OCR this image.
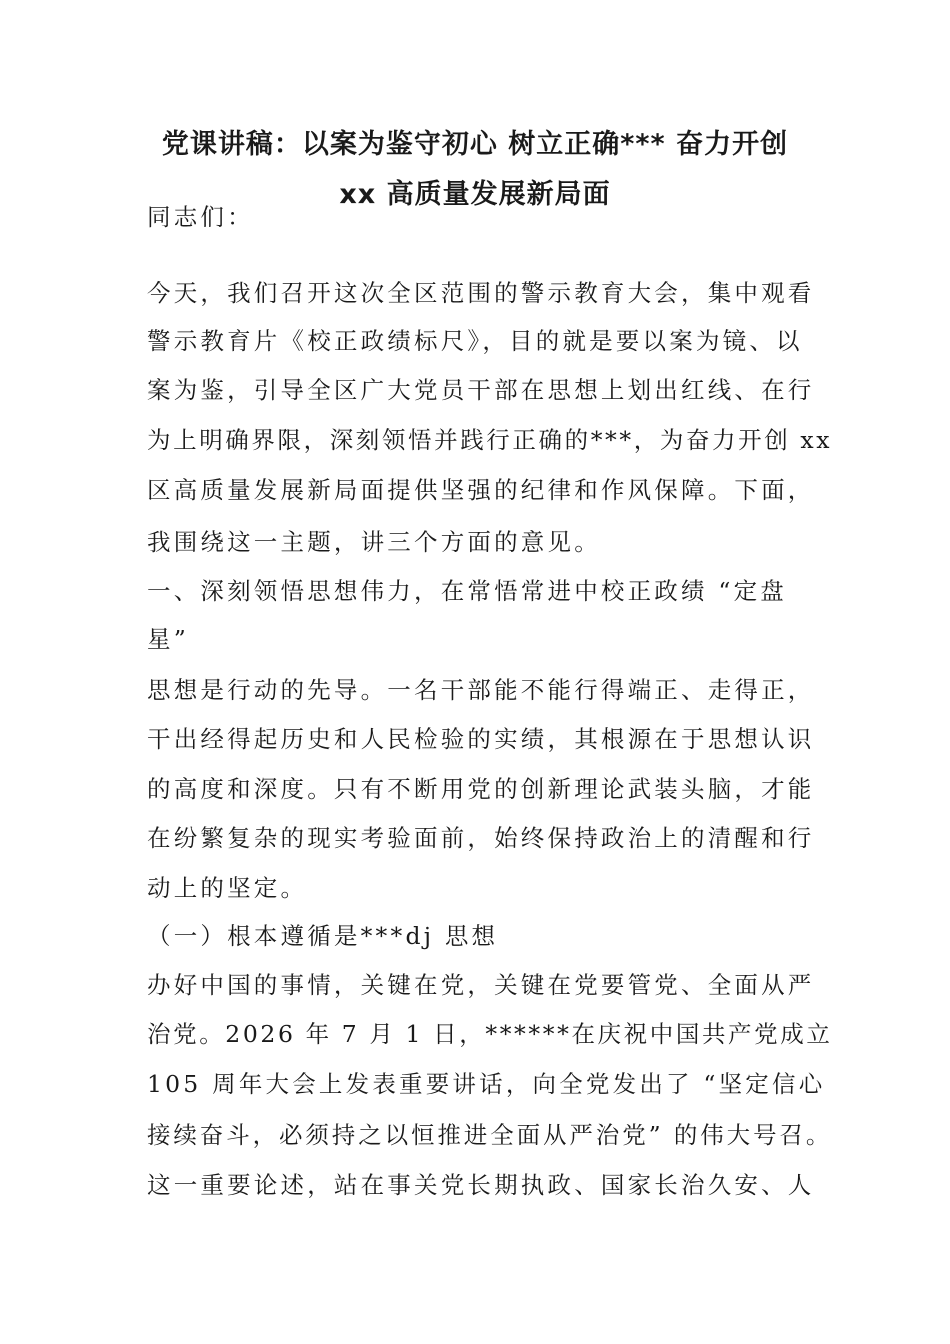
党课讲稿：以案为鉴守初心 树立正确*** 奋力开创
xx 高质量发展新局面

同志们：

今天，我们召开这次全区范围的警示教育大会，集中观看

警示教育片《校正政绩标尺》，目的就是要以案为镜、以

案为鉴，引导全区广大党员干部在思想上划出红线、在行

为上明确界限，深刻领悟并践行正确的***，为奋力开创 xx

区高质量发展新局面提供坚强的纪律和作风保障。下面，

我围绕这一主题，讲三个方面的意见。

一、深刻领悟思想伟力，在常悟常进中校正政绩 “定盘

星”

思想是行动的先导。一名干部能不能行得端正、走得正，

干出经得起历史和人民检验的实绩，其根源在于思想认识

的高度和深度。只有不断用党的创新理论武装头脑，才能

在纷繁复杂的现实考验面前，始终保持政治上的清醒和行

动上的坚定。

（一）根本遵循是***dj 思想

办好中国的事情，关键在党，关键在党要管党、全面从严

治党。2026 年 7 月 1 日，******在庆祝中国共产党成立

105 周年大会上发表重要讲话，向全党发出了 “坚定信心

接续奋斗，必须持之以恒推进全面从严治党” 的伟大号召。

这一重要论述，站在事关党长期执政、国家长治久安、人
